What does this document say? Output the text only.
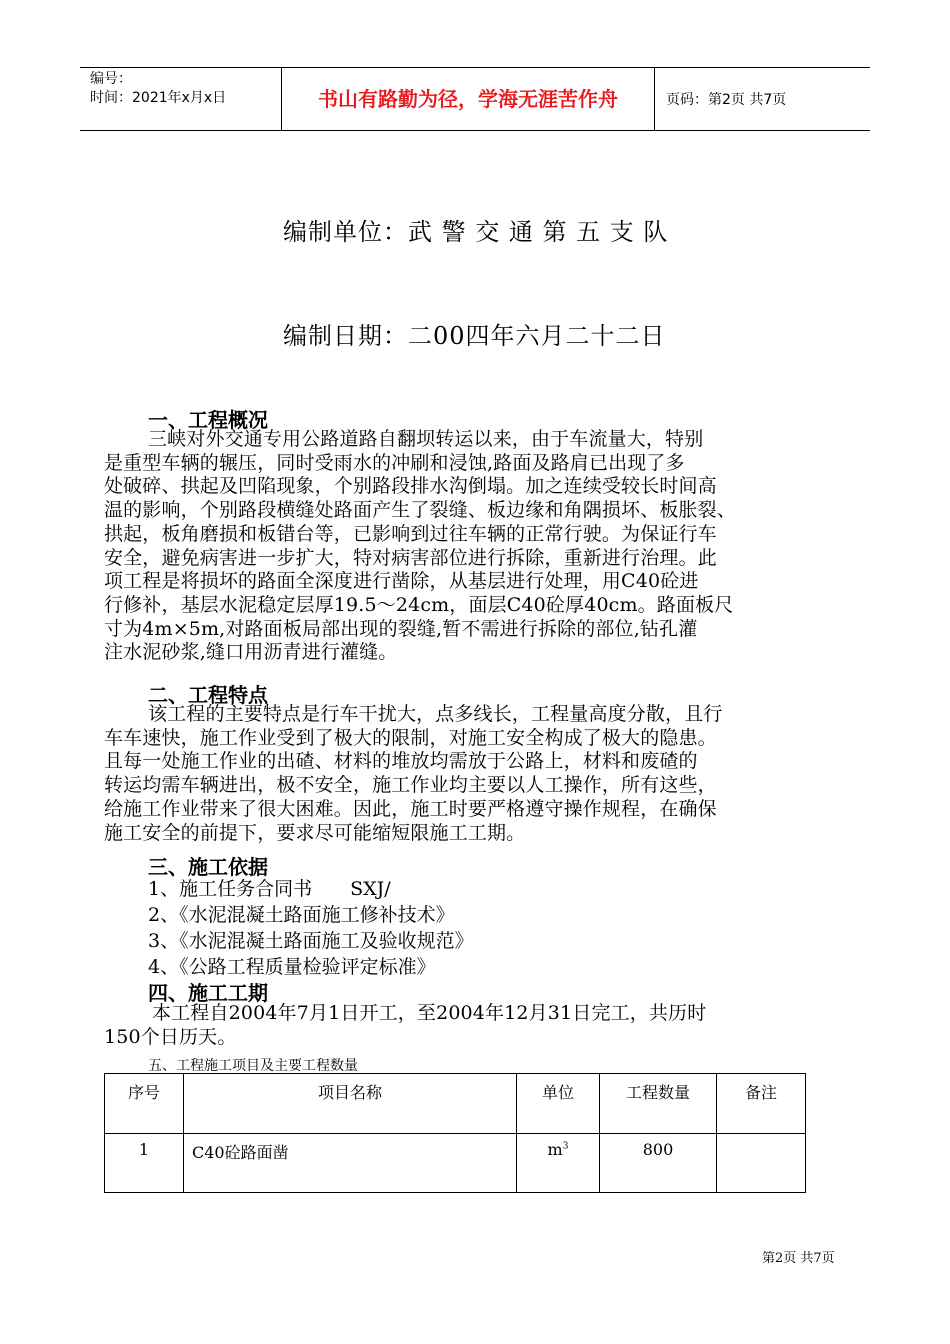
编号：
时间：2021年x月x日	书山有路勤为径，学海无涯苦作舟	页码：第2页 共7页
编制单位：武 警 交 通 第 五 支 队
编制日期：二00四年六月二十二日
一、工程概况
三峡对外交通专用公路道路自翻坝转运以来，由于车流量大，特别
是重型车辆的辗压，同时受雨水的冲刷和浸蚀,路面及路肩已出现了多
处破碎、拱起及凹陷现象，个别路段排水沟倒塌。加之连续受较长时间高
温的影响，个别路段横缝处路面产生了裂缝、板边缘和角隅损坏、板胀裂、
拱起，板角磨损和板错台等，已影响到过往车辆的正常行驶。为保证行车
安全，避免病害进一步扩大，特对病害部位进行拆除，重新进行治理。此
项工程是将损坏的路面全深度进行凿除，从基层进行处理，用C40砼进
行修补，基层水泥稳定层厚19.5～24cm，面层C40砼厚40cm。路面板尺
寸为4m×5m,对路面板局部出现的裂缝,暂不需进行拆除的部位,钻孔灌
注水泥砂浆,缝口用沥青进行灌缝。
二、工程特点
该工程的主要特点是行车干扰大，点多线长，工程量高度分散，且行
车车速快，施工作业受到了极大的限制，对施工安全构成了极大的隐患。
且每一处施工作业的出碴、材料的堆放均需放于公路上，材料和废碴的
转运均需车辆进出，极不安全，施工作业均主要以人工操作，所有这些，
给施工作业带来了很大困难。因此，施工时要严格遵守操作规程，在确保
施工安全的前提下，要求尽可能缩短限施工工期。
三、施工依据
1、施工任务合同书　　SXJ/
2、《水泥混凝土路面施工修补技术》
3、《水泥混凝土路面施工及验收规范》
4、《公路工程质量检验评定标准》
四、施工工期
本工程自2004年7月1日开工，至2004年12月31日完工，共历时
150个日历天。
五、工程施工项目及主要工程数量
序号	项目名称	单位	工程数量	备注
1	C40砼路面凿	$m^3$	800	
第2页 共7页
